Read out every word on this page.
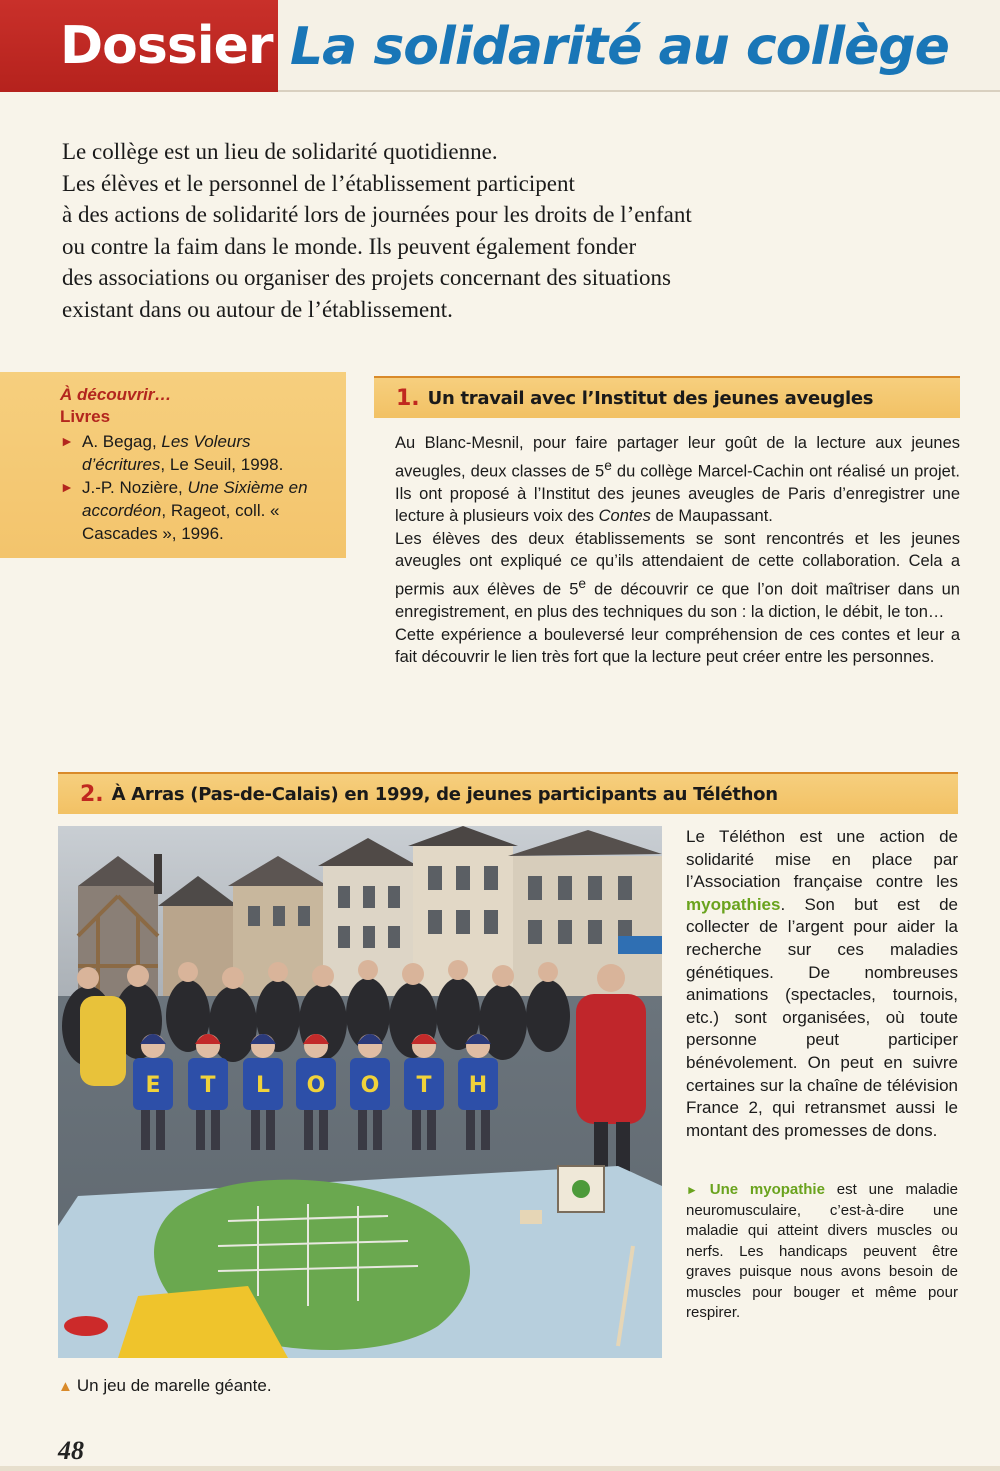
Dossier La solidarité au collège
Le collège est un lieu de solidarité quotidienne.
Les élèves et le personnel de l’établissement participent
à des actions de solidarité lors de journées pour les droits de l’enfant
ou contre la faim dans le monde. Ils peuvent également fonder
des associations ou organiser des projets concernant des situations
existant dans ou autour de l’établissement.
À découvrir…
Livres
► A. Begag, Les Voleurs d’écritures, Le Seuil, 1998.
► J.-P. Nozière, Une Sixième en accordéon, Rageot, coll. « Cascades », 1996.
1. Un travail avec l’Institut des jeunes aveugles

Au Blanc-Mesnil, pour faire partager leur goût de la lecture aux jeunes aveugles, deux classes de 5e du collège Marcel-Cachin ont réalisé un projet. Ils ont proposé à l’Institut des jeunes aveugles de Paris d’enregistrer une lecture à plusieurs voix des Contes de Maupassant.

Les élèves des deux établissements se sont rencontrés et les jeunes aveugles ont expliqué ce qu’ils attendaient de cette collaboration. Cela a permis aux élèves de 5e de découvrir ce que l’on doit maîtriser dans un enregistrement, en plus des techniques du son : la diction, le débit, le ton…

Cette expérience a bouleversé leur compréhension de ces contes et leur a fait découvrir le lien très fort que la lecture peut créer entre les personnes.

2. À Arras (Pas-de-Calais) en 1999, de jeunes participants au Téléthon
E T L O O T H
▲ Un jeu de marelle géante.
Le Téléthon est une action de solidarité mise en place par l’Association française contre les myopathies. Son but est de collecter de l’argent pour aider la recherche sur ces maladies génétiques. De nombreuses animations (spectacles, tournois, etc.) sont organisées, où toute personne peut participer bénévolement. On peut en suivre certaines sur la chaîne de télévision France 2, qui retransmet aussi le montant des promesses de dons.
► Une myopathie est une maladie neuromusculaire, c’est-à-dire une maladie qui atteint divers muscles ou nerfs. Les handicaps peuvent être graves puisque nous avons besoin de muscles pour bouger et même pour respirer.
48
